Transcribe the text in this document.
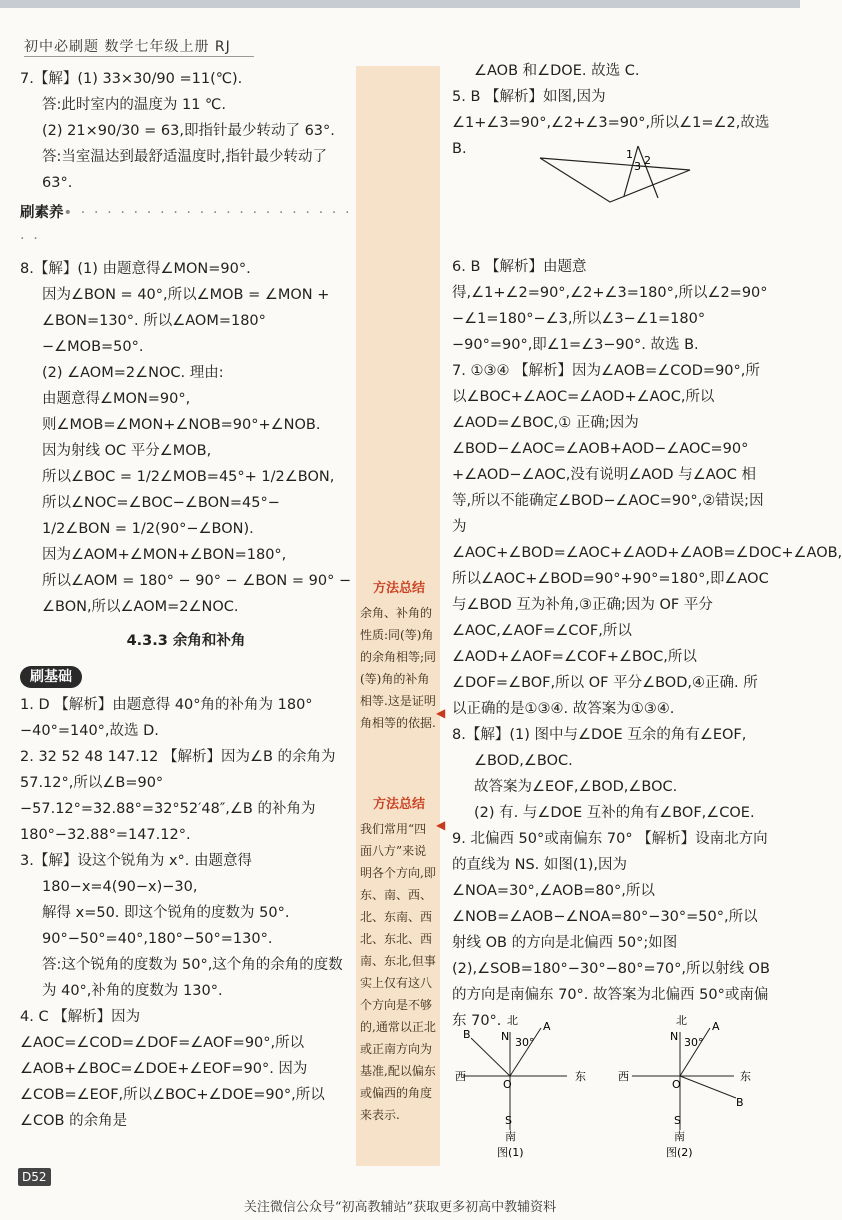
初中必刷题 数学七年级上册 RJ

7.【解】(1) 33×30/90 =11(℃).

答:此时室内的温度为 11 ℃.

(2) 21×90/30 = 63,即指针最少转动了 63°.

答:当室温达到最舒适温度时,指针最少转动了 63°.

刷素养• · · · · · · · · · · · · · · · · · · · · · · ·

8.【解】(1) 由题意得∠MON=90°.

因为∠BON = 40°,所以∠MOB = ∠MON + ∠BON=130°. 所以∠AOM=180°−∠MOB=50°.

(2) ∠AOM=2∠NOC. 理由:

由题意得∠MON=90°,

则∠MOB=∠MON+∠NOB=90°+∠NOB.

因为射线 OC 平分∠MOB,

所以∠BOC = 1/2∠MOB=45°+ 1/2∠BON,

所以∠NOC=∠BOC−∠BON=45°− 1/2∠BON = 1/2(90°−∠BON).

因为∠AOM+∠MON+∠BON=180°,

所以∠AOM = 180° − 90° − ∠BON = 90° − ∠BON,所以∠AOM=2∠NOC.

4.3.3 余角和补角
刷基础

1. D 【解析】由题意得 40°角的补角为 180°−40°=140°,故选 D.

2. 32 52 48 147.12 【解析】因为∠B 的余角为 57.12°,所以∠B=90°−57.12°=32.88°=32°52′48″,∠B 的补角为 180°−32.88°=147.12°.

3.【解】设这个锐角为 x°. 由题意得

180−x=4(90−x)−30,

解得 x=50. 即这个锐角的度数为 50°.

90°−50°=40°,180°−50°=130°.

答:这个锐角的度数为 50°,这个角的余角的度数为 40°,补角的度数为 130°.

4. C 【解析】因为∠AOC=∠COD=∠DOF=∠AOF=90°,所以∠AOB+∠BOC=∠DOE+∠EOF=90°. 因为∠COB=∠EOF,所以∠BOC+∠DOE=90°,所以∠COB 的余角是

方法总结
余角、补角的性质:同(等)角的余角相等;同(等)角的补角相等.这是证明角相等的依据.
◀
方法总结
我们常用“四面八方”来说明各个方向,即东、南、西、北、东南、西北、东北、西南、东北,但事实上仅有这八个方向是不够的,通常以正北或正南方向为基准,配以偏东或偏西的角度来表示.
◀

∠AOB 和∠DOE. 故选 C.

5. B 【解析】如图,因为∠1+∠3=90°,∠2+∠3=90°,所以∠1=∠2,故选 B.

6. B 【解析】由题意得,∠1+∠2=90°,∠2+∠3=180°,所以∠2=90°−∠1=180°−∠3,所以∠3−∠1=180°−90°=90°,即∠1=∠3−90°. 故选 B.

7. ①③④ 【解析】因为∠AOB=∠COD=90°,所以∠BOC+∠AOC=∠AOD+∠AOC,所以∠AOD=∠BOC,① 正确;因为∠BOD−∠AOC=∠AOB+AOD−∠AOC=90°+∠AOD−∠AOC,没有说明∠AOD 与∠AOC 相等,所以不能确定∠BOD−∠AOC=90°,②错误;因为∠AOC+∠BOD=∠AOC+∠AOD+∠AOB=∠DOC+∠AOB,所以∠AOC+∠BOD=90°+90°=180°,即∠AOC 与∠BOD 互为补角,③正确;因为 OF 平分∠AOC,∠AOF=∠COF,所以∠AOD+∠AOF=∠COF+∠BOC,所以∠DOF=∠BOF,所以 OF 平分∠BOD,④正确. 所以正确的是①③④. 故答案为①③④.

8.【解】(1) 图中与∠DOE 互余的角有∠EOF,

∠BOD,∠BOC.

故答案为∠EOF,∠BOD,∠BOC.

(2) 有. 与∠DOE 互补的角有∠BOF,∠COE.

9. 北偏西 50°或南偏东 70° 【解析】设南北方向的直线为 NS. 如图(1),因为∠NOA=30°,∠AOB=80°,所以∠NOB=∠AOB−∠NOA=80°−30°=50°,所以射线 OB 的方向是北偏西 50°;如图(2),∠SOB=180°−30°−80°=70°,所以射线 OB 的方向是南偏东 70°. 故答案为北偏西 50°或南偏东 70°.

1 2
3
北
N 30°
A
B
西	东
O
S
南
图(1)
北
N 30°
A
B
西	东
O
S
南
图(2)
D52
关注微信公众号“初高教辅站”获取更多初高中教辅资料
